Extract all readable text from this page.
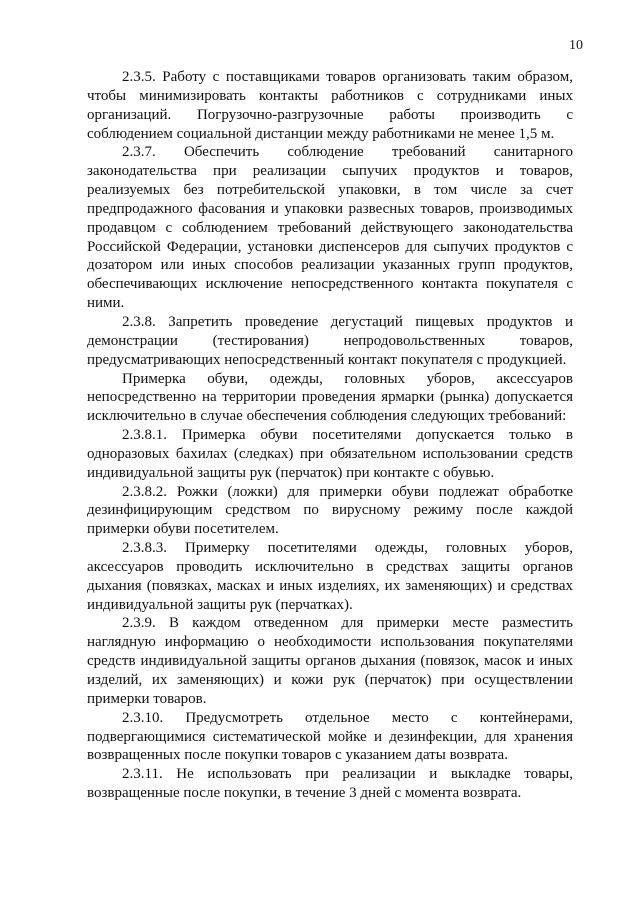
10

2.3.5. Работу с поставщиками товаров организовать таким образом, чтобы минимизировать контакты работников с сотрудниками иных организаций. Погрузочно-разгрузочные работы производить с соблюдением социальной дистанции между работниками не менее 1,5 м.

2.3.7. Обеспечить соблюдение требований санитарного законодательства при реализации сыпучих продуктов и товаров, реализуемых без потребительской упаковки, в том числе за счет предпродажного фасования и упаковки развесных товаров, производимых продавцом с соблюдением требований действующего законодательства Российской Федерации, установки диспенсеров для сыпучих продуктов с дозатором или иных способов реализации указанных групп продуктов, обеспечивающих исключение непосредственного контакта покупателя с ними.

2.3.8. Запретить проведение дегустаций пищевых продуктов и демонстрации (тестирования) непродовольственных товаров, предусматривающих непосредственный контакт покупателя с продукцией.

Примерка обуви, одежды, головных уборов, аксессуаров непосредственно на территории проведения ярмарки (рынка) допускается исключительно в случае обеспечения соблюдения следующих требований:

2.3.8.1. Примерка обуви посетителями допускается только в одноразовых бахилах (следках) при обязательном использовании средств индивидуальной защиты рук (перчаток) при контакте с обувью.

2.3.8.2. Рожки (ложки) для примерки обуви подлежат обработке дезинфицирующим средством по вирусному режиму после каждой примерки обуви посетителем.

2.3.8.3. Примерку посетителями одежды, головных уборов, аксессуаров проводить исключительно в средствах защиты органов дыхания (повязках, масках и иных изделиях, их заменяющих) и средствах индивидуальной защиты рук (перчатках).

2.3.9. В каждом отведенном для примерки месте разместить наглядную информацию о необходимости использования покупателями средств индивидуальной защиты органов дыхания (повязок, масок и иных изделий, их заменяющих) и кожи рук (перчаток) при осуществлении примерки товаров.

2.3.10. Предусмотреть отдельное место с контейнерами, подвергающимися систематической мойке и дезинфекции, для хранения возвращенных после покупки товаров с указанием даты возврата.

2.3.11. Не использовать при реализации и выкладке товары, возвращенные после покупки, в течение 3 дней с момента возврата.
